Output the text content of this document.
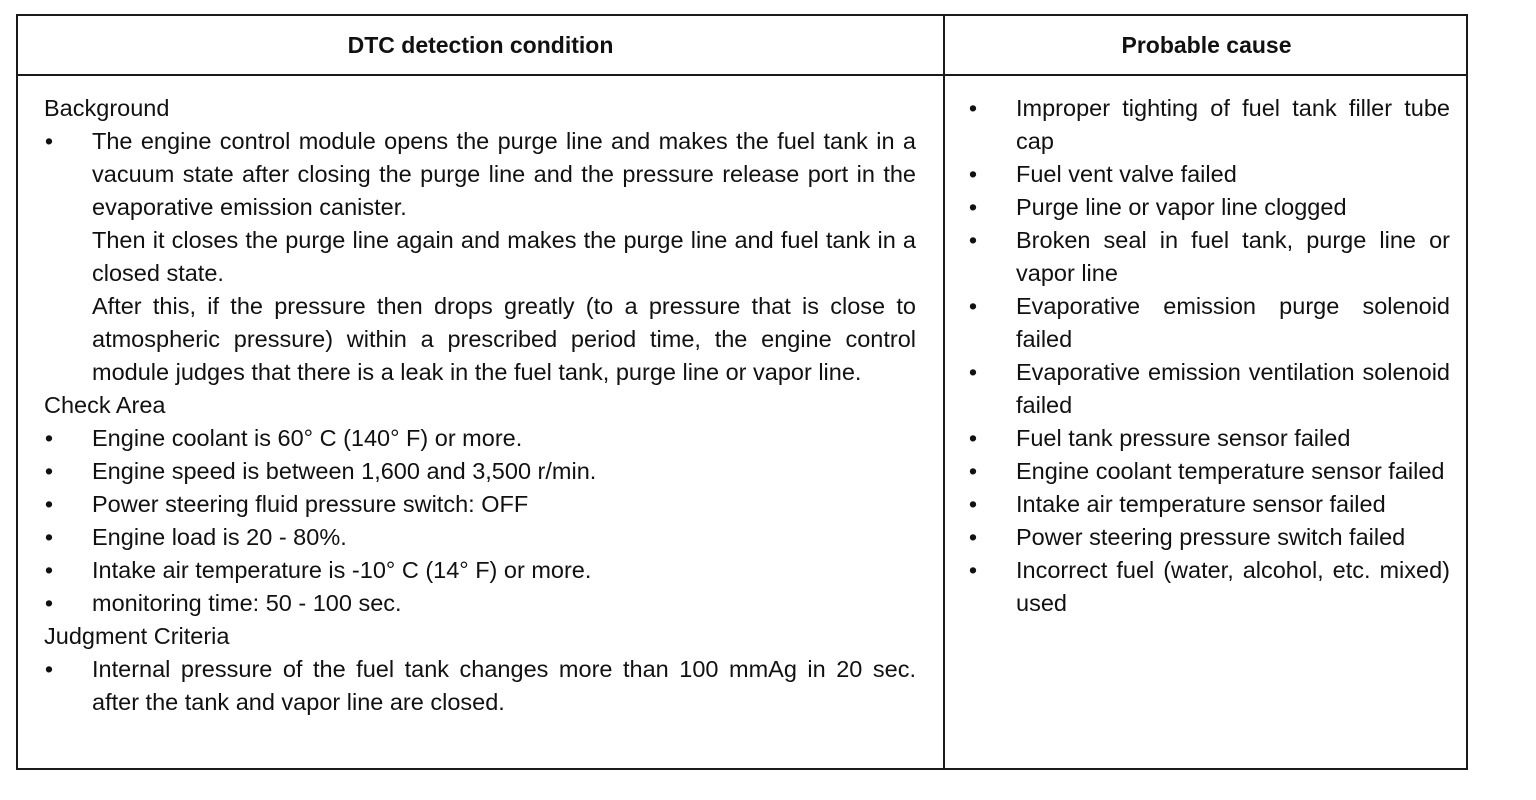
DTC detection condition	Probable cause

Background

• The engine control module opens the purge line and makes the fuel tank in a vacuum state after closing the purge line and the pressure release port in the evaporative emission canister.

Then it closes the purge line again and makes the purge line and fuel tank in a closed state.

After this, if the pressure then drops greatly (to a pressure that is close to atmospheric pressure) within a prescribed period time, the engine control module judges that there is a leak in the fuel tank, purge line or vapor line.

Check Area

• Engine coolant is 60° C (140° F) or more.
• Engine speed is between 1,600 and 3,500 r/min.
• Power steering fluid pressure switch: OFF
• Engine load is 20 - 80%.
• Intake air temperature is -10° C (14° F) or more.
• monitoring time: 50 - 100 sec.

Judgment Criteria

• Internal pressure of the fuel tank changes more than 100 mmAg in 20 sec. after the tank and vapor line are closed.
• Improper tighting of fuel tank filler tube cap
• Fuel vent valve failed
• Purge line or vapor line clogged
• Broken seal in fuel tank, purge line or vapor line
• Evaporative emission purge solenoid failed
• Evaporative emission ventilation solenoid failed
• Fuel tank pressure sensor failed
• Engine coolant temperature sensor failed
• Intake air temperature sensor failed
• Power steering pressure switch failed
• Incorrect fuel (water, alcohol, etc. mixed) used
